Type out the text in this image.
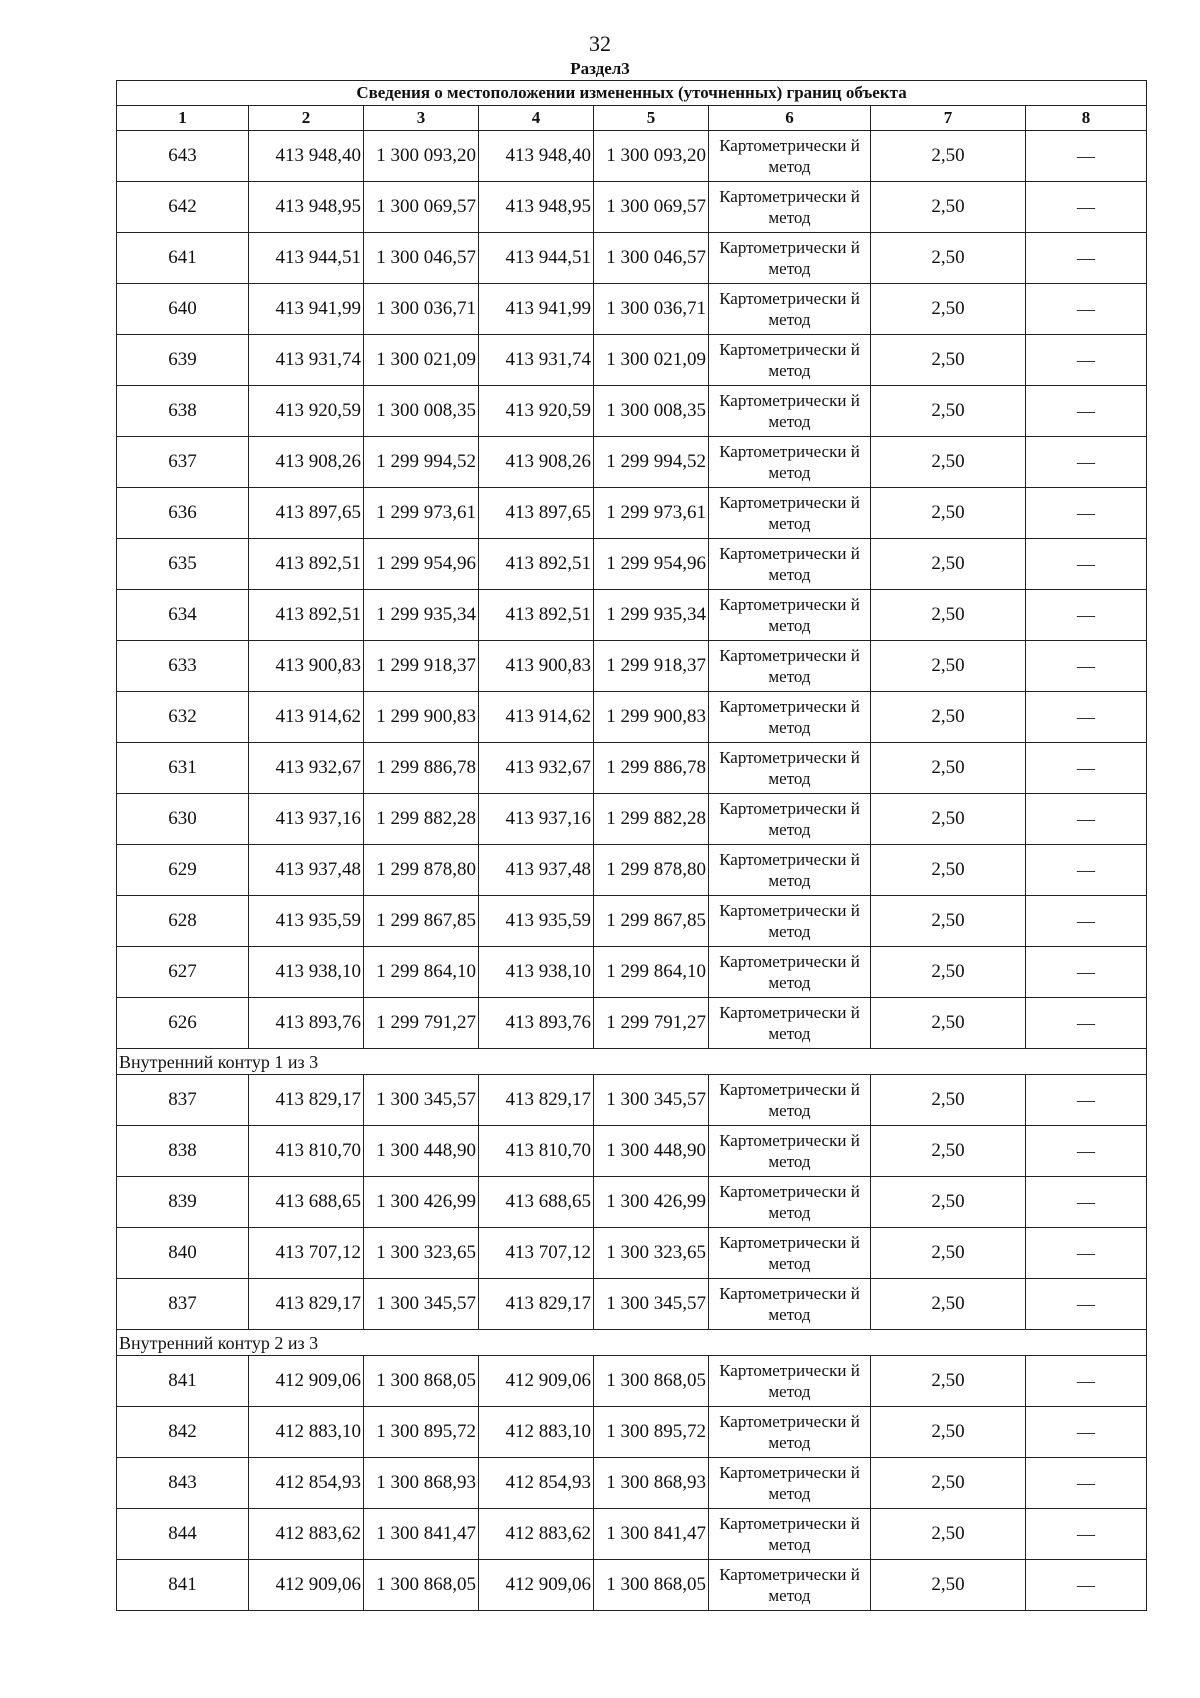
32
Раздел3
Сведения о местоположении измененных (уточненных) границ объекта							
1	2	3	4	5	6	7	8
643	413 948,40	1 300 093,20	413 948,40	1 300 093,20	Картометрически й метод	2,50	—
642	413 948,95	1 300 069,57	413 948,95	1 300 069,57	Картометрически й метод	2,50	—
641	413 944,51	1 300 046,57	413 944,51	1 300 046,57	Картометрически й метод	2,50	—
640	413 941,99	1 300 036,71	413 941,99	1 300 036,71	Картометрически й метод	2,50	—
639	413 931,74	1 300 021,09	413 931,74	1 300 021,09	Картометрически й метод	2,50	—
638	413 920,59	1 300 008,35	413 920,59	1 300 008,35	Картометрически й метод	2,50	—
637	413 908,26	1 299 994,52	413 908,26	1 299 994,52	Картометрически й метод	2,50	—
636	413 897,65	1 299 973,61	413 897,65	1 299 973,61	Картометрически й метод	2,50	—
635	413 892,51	1 299 954,96	413 892,51	1 299 954,96	Картометрически й метод	2,50	—
634	413 892,51	1 299 935,34	413 892,51	1 299 935,34	Картометрически й метод	2,50	—
633	413 900,83	1 299 918,37	413 900,83	1 299 918,37	Картометрически й метод	2,50	—
632	413 914,62	1 299 900,83	413 914,62	1 299 900,83	Картометрически й метод	2,50	—
631	413 932,67	1 299 886,78	413 932,67	1 299 886,78	Картометрически й метод	2,50	—
630	413 937,16	1 299 882,28	413 937,16	1 299 882,28	Картометрически й метод	2,50	—
629	413 937,48	1 299 878,80	413 937,48	1 299 878,80	Картометрически й метод	2,50	—
628	413 935,59	1 299 867,85	413 935,59	1 299 867,85	Картометрически й метод	2,50	—
627	413 938,10	1 299 864,10	413 938,10	1 299 864,10	Картометрически й метод	2,50	—
626	413 893,76	1 299 791,27	413 893,76	1 299 791,27	Картометрически й метод	2,50	—
Внутренний контур 1 из 3							
837	413 829,17	1 300 345,57	413 829,17	1 300 345,57	Картометрически й метод	2,50	—
838	413 810,70	1 300 448,90	413 810,70	1 300 448,90	Картометрически й метод	2,50	—
839	413 688,65	1 300 426,99	413 688,65	1 300 426,99	Картометрически й метод	2,50	—
840	413 707,12	1 300 323,65	413 707,12	1 300 323,65	Картометрически й метод	2,50	—
837	413 829,17	1 300 345,57	413 829,17	1 300 345,57	Картометрически й метод	2,50	—
Внутренний контур 2 из 3							
841	412 909,06	1 300 868,05	412 909,06	1 300 868,05	Картометрически й метод	2,50	—
842	412 883,10	1 300 895,72	412 883,10	1 300 895,72	Картометрически й метод	2,50	—
843	412 854,93	1 300 868,93	412 854,93	1 300 868,93	Картометрически й метод	2,50	—
844	412 883,62	1 300 841,47	412 883,62	1 300 841,47	Картометрически й метод	2,50	—
841	412 909,06	1 300 868,05	412 909,06	1 300 868,05	Картометрически й метод	2,50	—
